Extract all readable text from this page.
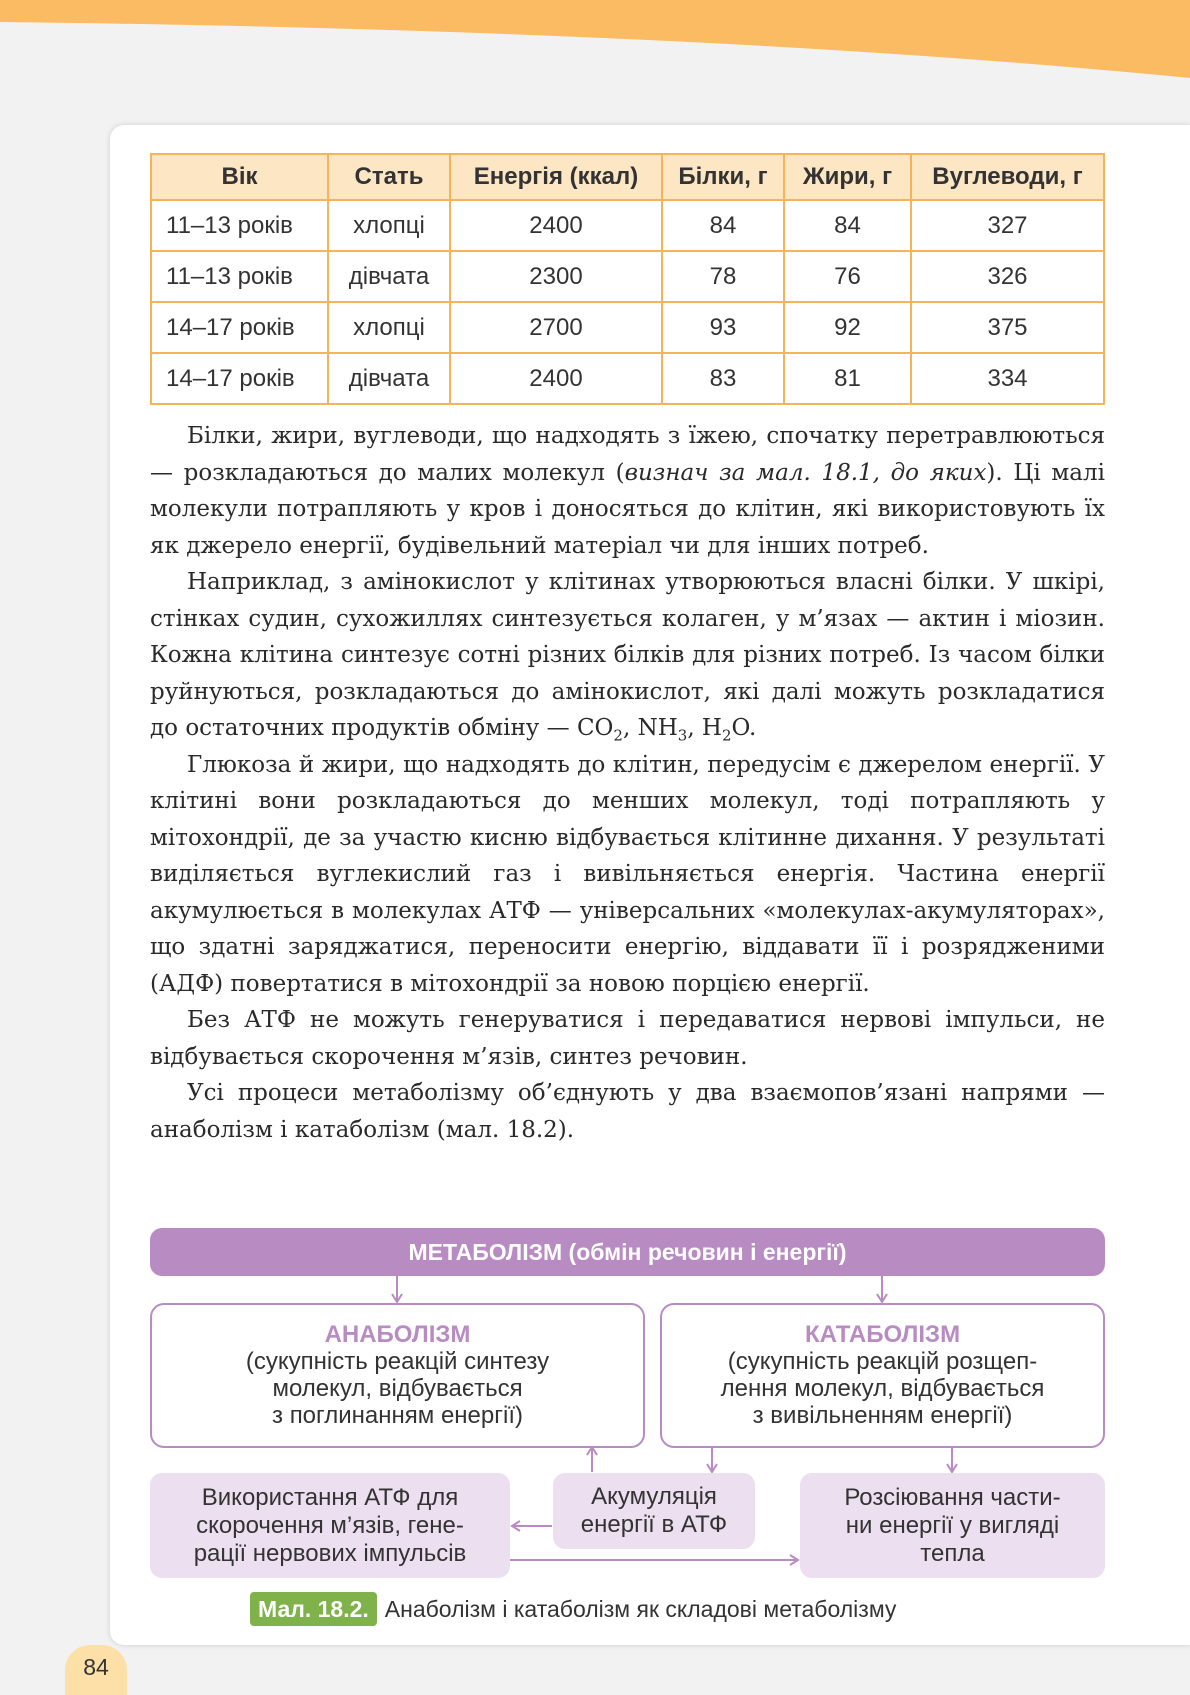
Вік	Стать	Енергія (ккал)	Білки, г	Жири, г	Вуглеводи, г
11–13 років	хлопці	2400	84	84	327
11–13 років	дівчата	2300	78	76	326
14–17 років	хлопці	2700	93	92	375
14–17 років	дівчата	2400	83	81	334

Білки, жири, вуглеводи, що надходять з їжею, спочатку перетравлюються — розкладаються до малих молекул (визнач за мал. 18.1, до яких). Ці малі молекули потрапляють у кров і доносяться до клітин, які використовують їх як джерело енергії, будівельний матеріал чи для інших потреб.

Наприклад, з амінокислот у клітинах утворюються власні білки. У шкірі, стінках судин, сухожиллях синтезується колаген, у м’язах — актин і міозин. Кожна клітина синтезує сотні різних білків для різних потреб. Із часом білки руйнуються, розкладаються до амінокислот, які далі можуть розкладатися до остаточних продуктів обміну — $CO_2$, $NH_3$, $H_2O$.

Глюкоза й жири, що надходять до клітин, передусім є джерелом енергії. У клітині вони розкладаються до менших молекул, тоді потрапляють у мітохондрії, де за участю кисню відбувається клітинне дихання. У результаті виділяється вуглекислий газ і вивільняється енергія. Частина енергії акумулюється в молекулах АТФ — універсальних «молекулах-акумуляторах», що здатні заряджатися, переносити енергію, віддавати її і розрядженими (АДФ) повертатися в мітохондрії за новою порцією енергії.

Без АТФ не можуть генеруватися і передаватися нервові імпульси, не відбувається скорочення м’язів, синтез речовин.

Усі процеси метаболізму об’єднують у два взаємопов’язані напрями — анаболізм і катаболізм (мал. 18.2).

МЕТАБОЛІЗМ (обмін речовин і енергії)
АНАБОЛІЗМ
(сукупність реакцій синтезу
молекул, відбувається
з поглинанням енергії)
КАТАБОЛІЗМ
(сукупність реакцій розщеп-
лення молекул, відбувається
з вивільненням енергії)
Використання АТФ для
скорочення м’язів, гене-
рації нервових імпульсів
Акумуляція
енергії в АТФ
Розсіювання части-
ни енергії у вигляді
тепла
Мал. 18.2. Анаболізм і катаболізм як складові метаболізму
84
